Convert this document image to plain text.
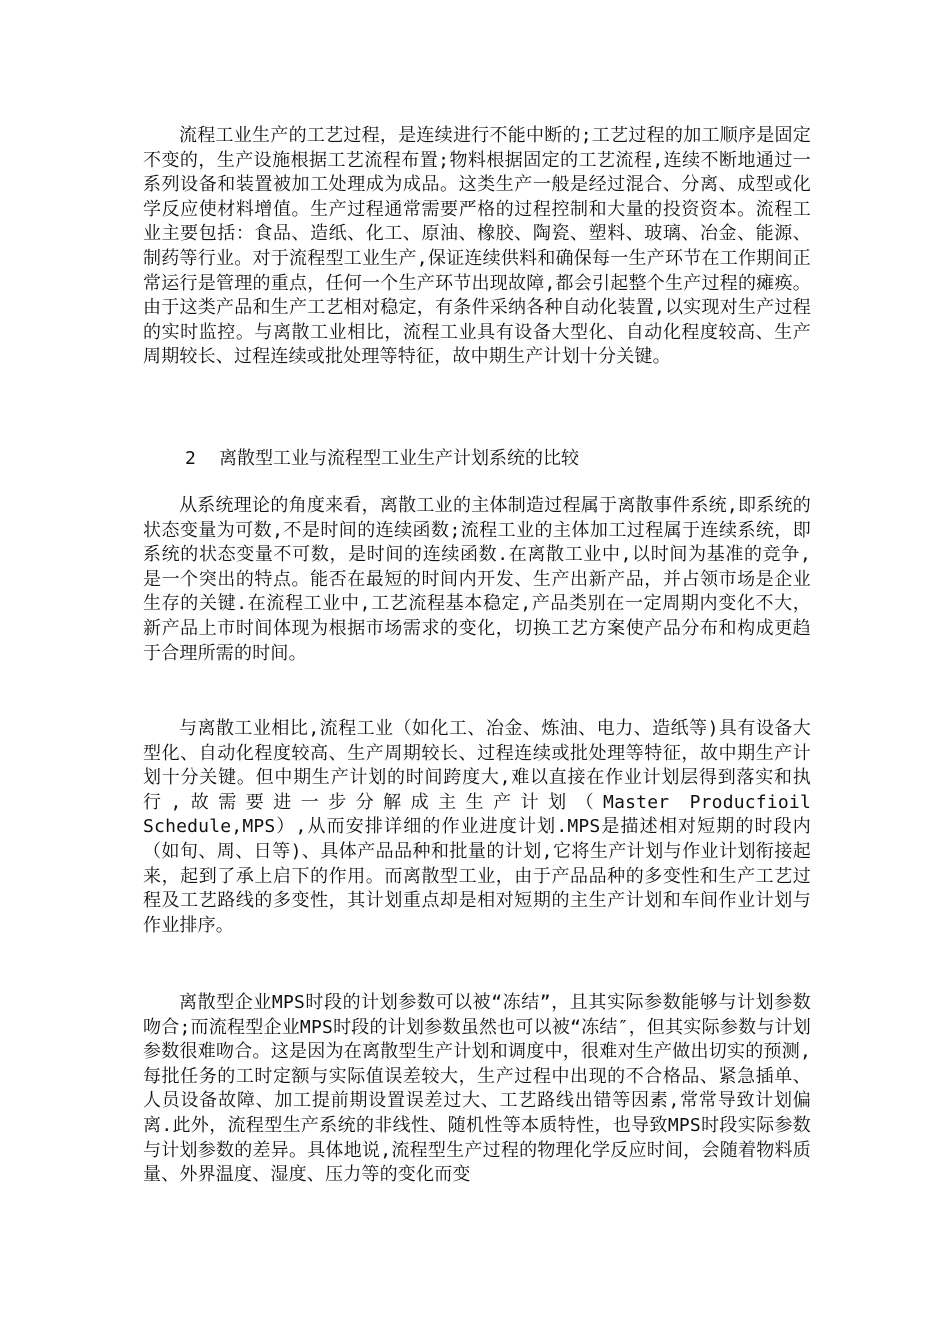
流程工业生产的工艺过程，是连续进行不能中断的;工艺过程的加工顺序是固定不变的，生产设施根据工艺流程布置;物料根据固定的工艺流程,连续不断地通过一系列设备和装置被加工处理成为成品。这类生产一般是经过混合、分离、成型或化学反应使材料增值。生产过程通常需要严格的过程控制和大量的投资资本。流程工业主要包括：食品、造纸、化工、原油、橡胶、陶瓷、塑料、玻璃、冶金、能源、制药等行业。对于流程型工业生产,保证连续供料和确保每一生产环节在工作期间正常运行是管理的重点，任何一个生产环节出现故障,都会引起整个生产过程的瘫痪。由于这类产品和生产工艺相对稳定，有条件采纳各种自动化装置,以实现对生产过程的实时监控。与离散工业相比，流程工业具有设备大型化、自动化程度较高、生产周期较长、过程连续或批处理等特征，故中期生产计划十分关键。

2 离散型工业与流程型工业生产计划系统的比较

从系统理论的角度来看，离散工业的主体制造过程属于离散事件系统,即系统的状态变量为可数,不是时间的连续函数;流程工业的主体加工过程属于连续系统，即系统的状态变量不可数，是时间的连续函数.在离散工业中,以时间为基准的竞争,是一个突出的特点。能否在最短的时间内开发、生产出新产品，并占领市场是企业生存的关键.在流程工业中,工艺流程基本稳定,产品类别在一定周期内变化不大，新产品上市时间体现为根据市场需求的变化，切换工艺方案使产品分布和构成更趋于合理所需的时间。

与离散工业相比,流程工业（如化工、冶金、炼油、电力、造纸等)具有设备大型化、自动化程度较高、生产周期较长、过程连续或批处理等特征，故中期生产计划十分关键。但中期生产计划的时间跨度大,难以直接在作业计划层得到落实和执行,故需要进一步分解成主生产计划（Master Producfioil Schedule,MPS）,从而安排详细的作业进度计划.MPS是描述相对短期的时段内（如旬、周、日等)、具体产品品种和批量的计划,它将生产计划与作业计划衔接起来，起到了承上启下的作用。而离散型工业，由于产品品种的多变性和生产工艺过程及工艺路线的多变性，其计划重点却是相对短期的主生产计划和车间作业计划与作业排序。

离散型企业MPS时段的计划参数可以被“冻结”，且其实际参数能够与计划参数吻合;而流程型企业MPS时段的计划参数虽然也可以被“冻结″，但其实际参数与计划参数很难吻合。这是因为在离散型生产计划和调度中，很难对生产做出切实的预测,每批任务的工时定额与实际值误差较大，生产过程中出现的不合格品、紧急插单、人员设备故障、加工提前期设置误差过大、工艺路线出错等因素,常常导致计划偏离.此外，流程型生产系统的非线性、随机性等本质特性，也导致MPS时段实际参数与计划参数的差异。具体地说,流程型生产过程的物理化学反应时间，会随着物料质量、外界温度、湿度、压力等的变化而变
